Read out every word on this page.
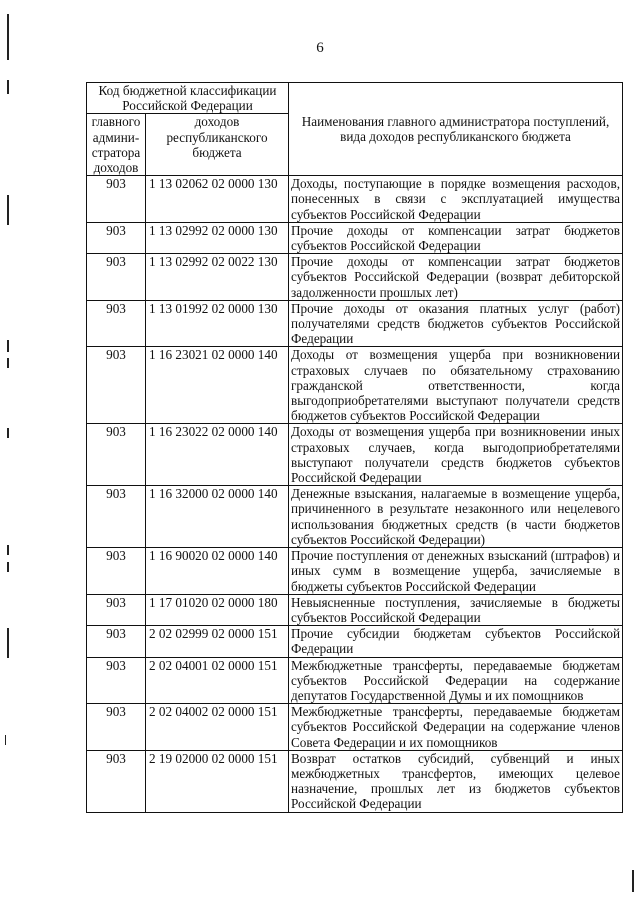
6
Код бюджетной классификации Российской Федерации		Наименования главного администратора поступлений, вида доходов республиканского бюджета
главного админи-стратора доходов	доходов республиканского бюджета	
903	1 13 02062 02 0000 130	Доходы, поступающие в порядке возмещения расходов, понесенных в связи с эксплуатацией имущества субъектов Российской Федерации
903	1 13 02992 02 0000 130	Прочие доходы от компенсации затрат бюджетов субъектов Российской Федерации
903	1 13 02992 02 0022 130	Прочие доходы от компенсации затрат бюджетов субъектов Российской Федерации (возврат дебиторской задолженности прошлых лет)
903	1 13 01992 02 0000 130	Прочие доходы от оказания платных услуг (работ) получателями средств бюджетов субъектов Российской Федерации
903	1 16 23021 02 0000 140	Доходы от возмещения ущерба при возникновении страховых случаев по обязательному страхованию гражданской ответственности, когда выгодоприобретателями выступают получатели средств бюджетов субъектов Российской Федерации
903	1 16 23022 02 0000 140	Доходы от возмещения ущерба при возникновении иных страховых случаев, когда выгодоприобретателями выступают получатели средств бюджетов субъектов Российской Федерации
903	1 16 32000 02 0000 140	Денежные взыскания, налагаемые в возмещение ущерба, причиненного в результате незаконного или нецелевого использования бюджетных средств (в части бюджетов субъектов Российской Федерации)
903	1 16 90020 02 0000 140	Прочие поступления от денежных взысканий (штрафов) и иных сумм в возмещение ущерба, зачисляемые в бюджеты субъектов Российской Федерации
903	1 17 01020 02 0000 180	Невыясненные поступления, зачисляемые в бюджеты субъектов Российской Федерации
903	2 02 02999 02 0000 151	Прочие субсидии бюджетам субъектов Российской Федерации
903	2 02 04001 02 0000 151	Межбюджетные трансферты, передаваемые бюджетам субъектов Российской Федерации на содержание депутатов Государственной Думы и их помощников
903	2 02 04002 02 0000 151	Межбюджетные трансферты, передаваемые бюджетам субъектов Российской Федерации на содержание членов Совета Федерации и их помощников
903	2 19 02000 02 0000 151	Возврат остатков субсидий, субвенций и иных межбюджетных трансфертов, имеющих целевое назначение, прошлых лет из бюджетов субъектов Российской Федерации
